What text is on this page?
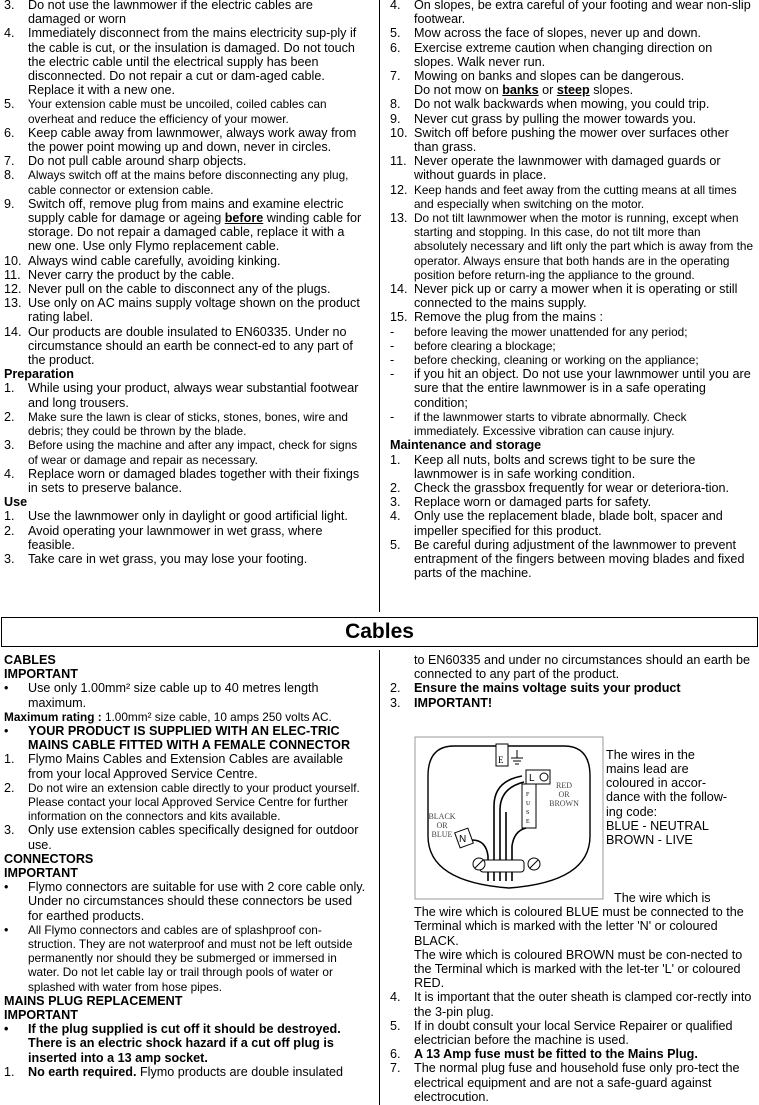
3.	Do not use the lawnmower if the electric cables are damaged or worn
4.	Immediately disconnect from the mains electricity sup-ply if the cable is cut, or the insulation is damaged. Do not touch the electric cable until the electrical supply has been disconnected. Do not repair a cut or dam-aged cable. Replace it with a new one.
5.	Your extension cable must be uncoiled, coiled cables can overheat and reduce the efficiency of your mower.
6.	Keep cable away from lawnmower, always work away from the power point mowing up and down, never in circles.
7.	Do not pull cable around sharp objects.
8.	Always switch off at the mains before disconnecting any plug, cable connector or extension cable.
9.	Switch off, remove plug from mains and examine electric supply cable for damage or ageing before winding cable for storage. Do not repair a damaged cable, replace it with a new one. Use only Flymo replacement cable.
10. Always wind cable carefully, avoiding kinking.
11. Never carry the product by the cable.
12. Never pull on the cable to disconnect any of the plugs.
13. Use only on AC mains supply voltage shown on the product rating label.
14. Our products are double insulated to EN60335. Under no circumstance should an earth be connect-ed to any part of the product.
Preparation
1.	While using your product, always wear substantial footwear and long trousers.
2.	Make sure the lawn is clear of sticks, stones, bones, wire and debris; they could be thrown by the blade.
3.	Before using the machine and after any impact, check for signs of wear or damage and repair as necessary.
4.	Replace worn or damaged blades together with their fixings in sets to preserve balance.
Use
1.	Use the lawnmower only in daylight or good artificial light.
2.	Avoid operating your lawnmower in wet grass, where feasible.
3.	Take care in wet grass, you may lose your footing.
4.	On slopes, be extra careful of your footing and wear non-slip footwear.
5.	Mow across the face of slopes, never up and down.
6.	Exercise extreme caution when changing direction on slopes. Walk never run.
7.	Mowing on banks and slopes can be dangerous.
Do not mow on banks or steep slopes.
8.	Do not walk backwards when mowing, you could trip.
9.	Never cut grass by pulling the mower towards you.
10. Switch off before pushing the mower over surfaces other than grass.
11. Never operate the lawnmower with damaged guards or without guards in place.
12. Keep hands and feet away from the cutting means at all times and especially when switching on the motor.
13. Do not tilt lawnmower when the motor is running, except when starting and stopping. In this case, do not tilt more than absolutely necessary and lift only the part which is away from the operator. Always ensure that both hands are in the operating position before return-ing the appliance to the ground.
14. Never pick up or carry a mower when it is operating or still connected to the mains supply.
15. Remove the plug from the mains :
-	before leaving the mower unattended for any period;
-	before clearing a blockage;
-	before checking, cleaning or working on the appliance;
-	if you hit an object. Do not use your lawnmower until you are sure that the entire lawnmower is in a safe operating condition;
-	if the lawnmower starts to vibrate abnormally. Check immediately. Excessive vibration can cause injury.
Maintenance and storage
1.	Keep all nuts, bolts and screws tight to be sure the lawnmower is in safe working condition.
2.	Check the grassbox frequently for wear or deteriora-tion.
3.	Replace worn or damaged parts for safety.
4.	Only use the replacement blade, blade bolt, spacer and impeller specified for this product.
5.	Be careful during adjustment of the lawnmower to prevent entrapment of the fingers between moving blades and fixed parts of the machine.
Cables
CABLES
IMPORTANT
•	Use only 1.00mm² size cable up to 40 metres length maximum.
Maximum rating : 1.00mm² size cable, 10 amps 250 volts AC.
•	YOUR PRODUCT IS SUPPLIED WITH AN ELEC-TRIC MAINS CABLE FITTED WITH A FEMALE CONNECTOR
1.	Flymo Mains Cables and Extension Cables are available from your local Approved Service Centre.
2.	Do not wire an extension cable directly to your product yourself. Please contact your local Approved Service Centre for further information on the connectors and kits available.
3.	Only use extension cables specifically designed for outdoor use.
CONNECTORS
IMPORTANT
•	Flymo connectors are suitable for use with 2 core cable only. Under no circumstances should these connectors be used for earthed products.
•	All Flymo connectors and cables are of splashproof con-struction. They are not waterproof and must not be left outside permanently nor should they be submerged or immersed in water. Do not let cable lay or trail through pools of water or splashed with water from hose pipes.
MAINS PLUG REPLACEMENT
IMPORTANT
•	If the plug supplied is cut off it should be destroyed. There is an electric shock hazard if a cut off plug is inserted into a 13 amp socket.
1.	No earth required. Flymo products are double insulated
to EN60335 and under no circumstances should an earth be connected to any part of the product.
2.	Ensure the mains voltage suits your product
3.	IMPORTANT!
E
L
F
U
S
E
N
RED
OR
BROWN
BLACK
OR
BLUE
The wires in the
mains lead are
coloured in accor-
dance with the follow-
ing code:
BLUE - NEUTRAL
BROWN - LIVE
The wire which is
The wire which is coloured BLUE must be connected to the Terminal which is marked with the letter 'N' or coloured BLACK.
The wire which is coloured BROWN must be con-nected to the Terminal which is marked with the let-ter 'L' or coloured RED.
4.	It is important that the outer sheath is clamped cor-rectly into the 3-pin plug.
5.	If in doubt consult your local Service Repairer or qualified electrician before the machine is used.
6.	A 13 Amp fuse must be fitted to the Mains Plug.
7.	The normal plug fuse and household fuse only pro-tect the electrical equipment and are not a safe-guard against electrocution.
